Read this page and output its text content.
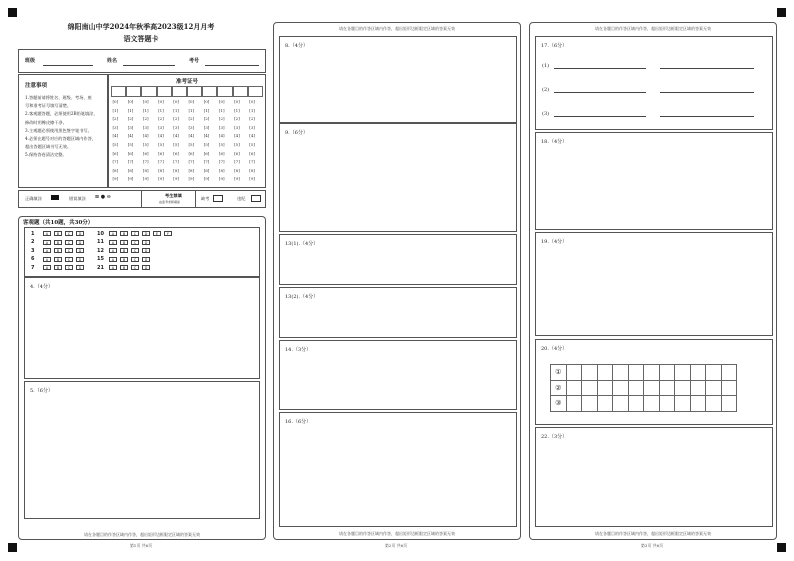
绵阳南山中学2024年秋季高2023级12月月考
语文答题卡
班级	姓名	考号
注意事项
1.答题前请将姓名、班级、考场、座
号和准考证号填写清楚。
2.客观题答题，必须使用2B铅笔填涂，
修改时用橡皮擦干净。
3.主观题必须使用黑色签字笔书写。
4.必须在题号对应的答题区域内作答，
超出答题区域书写无效。
5.保持答卷清洁完整。
准考证号
[0] [0] [0] [0] [0] [0] [0] [0] [0] [0]
[1] [1] [1] [1] [1] [1] [1] [1] [1] [1]
[2] [2] [2] [2] [2] [2] [2] [2] [2] [2]
[3] [3] [3] [3] [3] [3] [3] [3] [3] [3]
[4] [4] [4] [4] [4] [4] [4] [4] [4] [4]
[5] [5] [5] [5] [5] [5] [5] [5] [5] [5]
[6] [6] [6] [6] [6] [6] [6] [6] [6] [6]
[7] [7] [7] [7] [7] [7] [7] [7] [7] [7]
[8] [8] [8] [8] [8] [8] [8] [8] [8] [8]
[9] [9] [9] [9] [9] [9] [9] [9] [9] [9]
正确填涂	错误填涂 ⊠ ● ⊖	考生禁填
由监考老师填涂
缺考	违纪
客观题（共10题，共30分）
1	A	B	C	D
2	A	B	C	D
3	A	B	C	D
6	A	B	C	D
7	A	B	C	D
10	A	B	C	D	E	F
11	A	B	C	D
12	A	B	C	D
15	A	B	C	D
21	A	B	C	D
4.（4分）
5.（6分）
请在各题目的作答区域内作答，超出矩形边框限定区域的答案无效
第1页 共6页
请在各题目的作答区域内作答，超出矩形边框限定区域的答案无效
8.（4分）
9.（6分）
13(1).（4分）
13(2).（4分）
14.（3分）
16.（6分）
请在各题目的作答区域内作答，超出矩形边框限定区域的答案无效
第2页 共6页
请在各题目的作答区域内作答，超出矩形边框限定区域的答案无效
17.（6分）
(1)
(2)
(3)
18.（4分）
19.（4分）
20.（4分）
①
②
③
22.（3分）
请在各题目的作答区域内作答，超出矩形边框限定区域的答案无效
第3页 共6页
